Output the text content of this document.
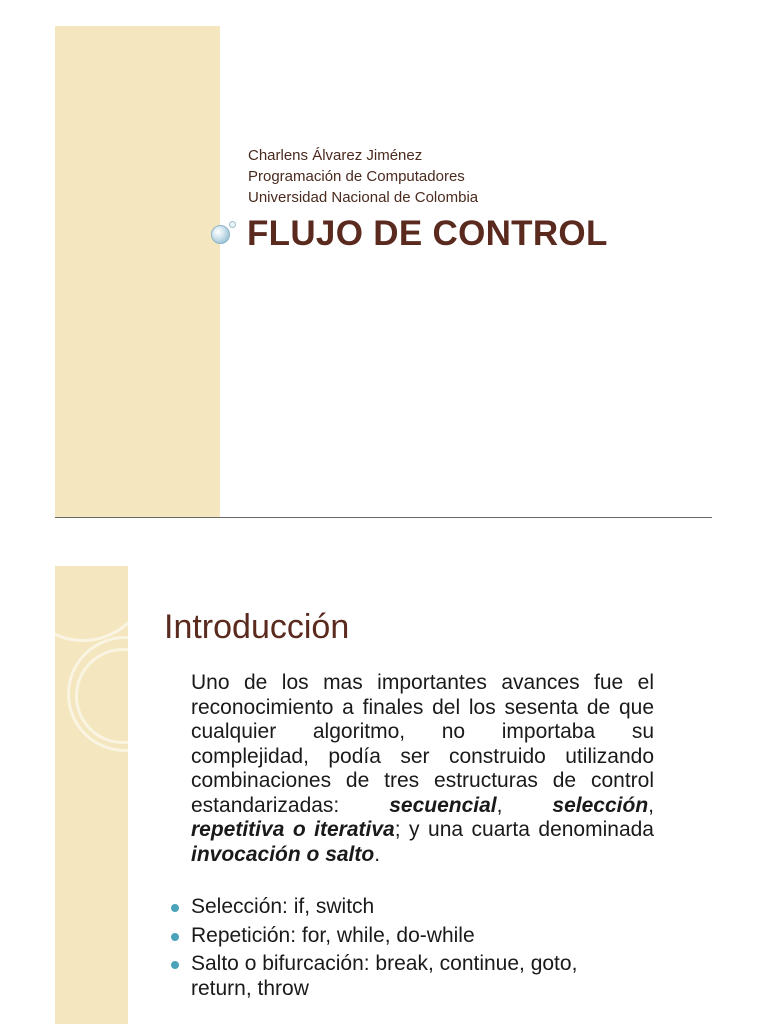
Charlens Álvarez Jiménez
Programación de Computadores
Universidad Nacional de Colombia
FLUJO DE CONTROL
Introducción
Uno de los mas importantes avances fue el reconocimiento a finales del los sesenta de que cualquier algoritmo, no importaba su complejidad, podía ser construido utilizando combinaciones de tres estructuras de control estandarizadas: secuencial, selección, repetitiva o iterativa; y una cuarta denominada invocación o salto.
Selección: if, switch
Repetición: for, while, do-while
Salto o bifurcación: break, continue, goto, return, throw
